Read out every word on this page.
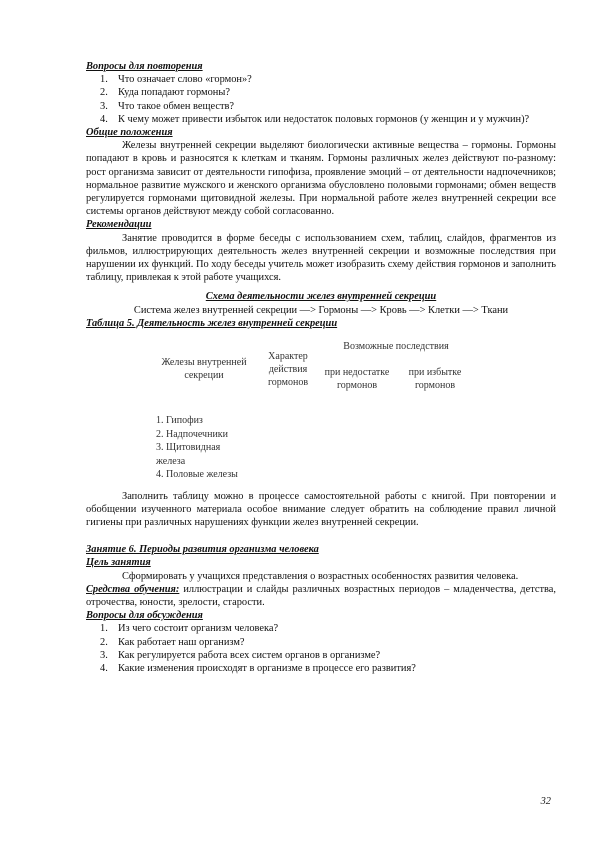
Вопросы для повторения

1. Что означает слово «гормон»?
2. Куда попадают гормоны?
3. Что такое обмен веществ?
4. К чему может привести избыток или недостаток половых гормонов (у женщин и у мужчин)?

Общие положения

Железы внутренней секреции выделяют биологически активные вещества – гормоны. Гормоны попадают в кровь и разносятся к клеткам и тканям. Гормоны различных желез действуют по-разному: рост организма зависит от деятельности гипофиза, проявление эмоций – от деятельности надпочечников; нормальное развитие мужского и женского организма обусловлено половыми гормонами; обмен веществ регулируется гормонами щитовидной железы. При нормальной работе желез внутренней секреции все системы органов действуют между собой согласованно.

Рекомендации

Занятие проводится в форме беседы с использованием схем, таблиц, слайдов, фрагментов из фильмов, иллюстрирующих деятельность желез внутренней секреции и возможные последствия при нарушении их функций. По ходу беседы учитель может изобразить схему действия гормонов и заполнить таблицу, привлекая к этой работе учащихся.

Схема деятельности желез внутренней секреции

Система желез внутренней секреции —> Гормоны —> Кровь —> Клетки —> Ткани

Таблица 5. Деятельность желез внутренней секреции

Железы внутренней секреции	Характер действия гормонов	Возможные последствия	
		при недостатке гормонов	при избытке гормонов
1. Гипофиз
2. Надпочечники
3. Щитовидная
железа
4. Половые железы

Заполнить таблицу можно в процессе самостоятельной работы с книгой. При повторении и обобщении изученного материала особое внимание следует обратить на соблюдение правил личной гигиены при различных нарушениях функции желез внутренней секреции.

Занятие 6. Периоды развития организма человека

Цель занятия

Сформировать у учащихся представления о возрастных особенностях развития человека.

Средства обучения: иллюстрации и слайды различных возрастных периодов – младенчества, детства, отрочества, юности, зрелости, старости.

Вопросы для обсуждения

1. Из чего состоит организм человека?
2. Как работает наш организм?
3. Как регулируется работа всех систем органов в организме?
4. Какие изменения происходят в организме в процессе его развития?
32
